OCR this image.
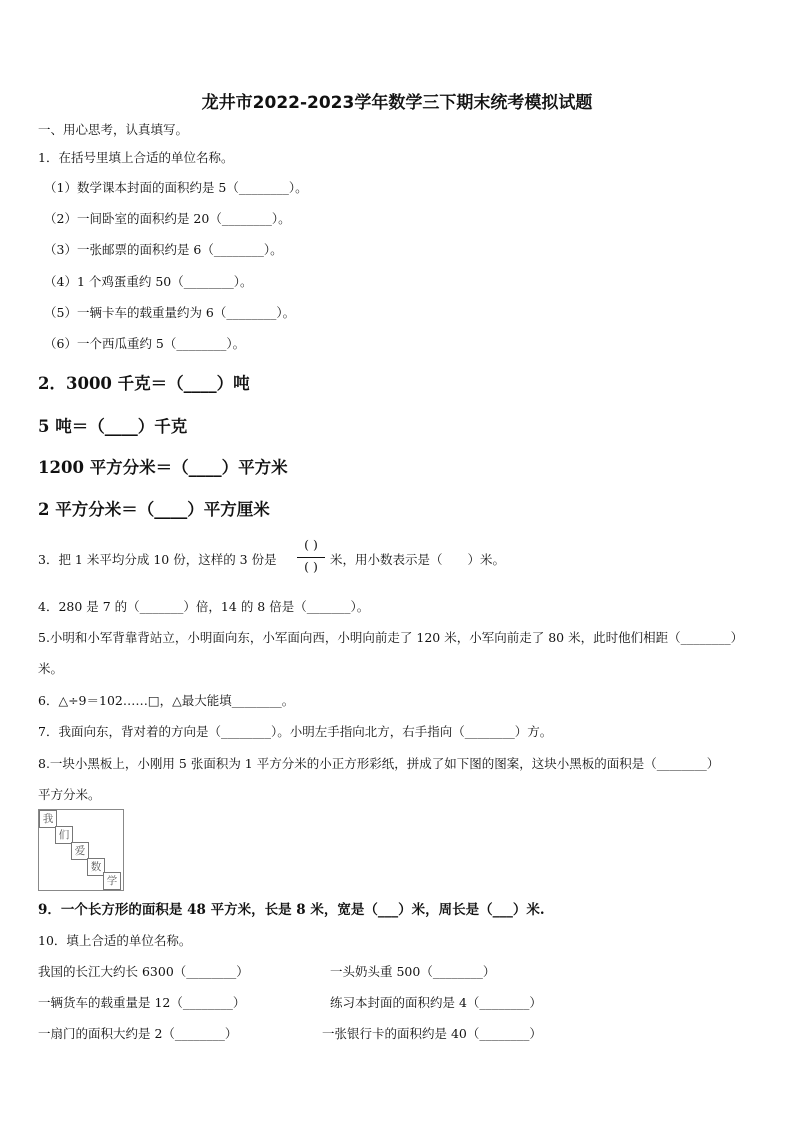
龙井市2022-2023学年数学三下期末统考模拟试题
一、用心思考，认真填写。
1．在括号里填上合适的单位名称。
（1）数学课本封面的面积约是 5（________）。
（2）一间卧室的面积约是 20（________）。
（3）一张邮票的面积约是 6（________）。
（4）1 个鸡蛋重约 50（________）。
（5）一辆卡车的载重量约为 6（________）。
（6）一个西瓜重约 5（________）。
2．3000 千克＝（____）吨
5 吨＝（____）千克
1200 平方分米＝（____）平方米
2 平方分米＝（____）平方厘米
3．把 1 米平均分成 10 份，这样的 3 份是
( )
( ) 米，用小数表示是（　　）米。
4．280 是 7 的（_______）倍，14 的 8 倍是（_______）。
5.小明和小军背靠背站立，小明面向东，小军面向西，小明向前走了 120 米，小军向前走了 80 米，此时他们相距（________）
米。
6．△÷9＝102……□，△最大能填________。
7．我面向东，背对着的方向是（________）。小明左手指向北方，右手指向（________）方。
8.一块小黑板上，小刚用 5 张面积为 1 平方分米的小正方形彩纸，拼成了如下图的图案，这块小黑板的面积是（________）
平方分米。
我
们
爱
数
学
9．一个长方形的面积是 48 平方米，长是 8 米，宽是（___）米，周长是（___）米.
10．填上合适的单位名称。
我国的长江大约长 6300（________）	一头奶头重 500（________）
一辆货车的载重量是 12（________）	练习本封面的面积约是 4（________）
一扇门的面积大约是 2（________）	一张银行卡的面积约是 40（________）
